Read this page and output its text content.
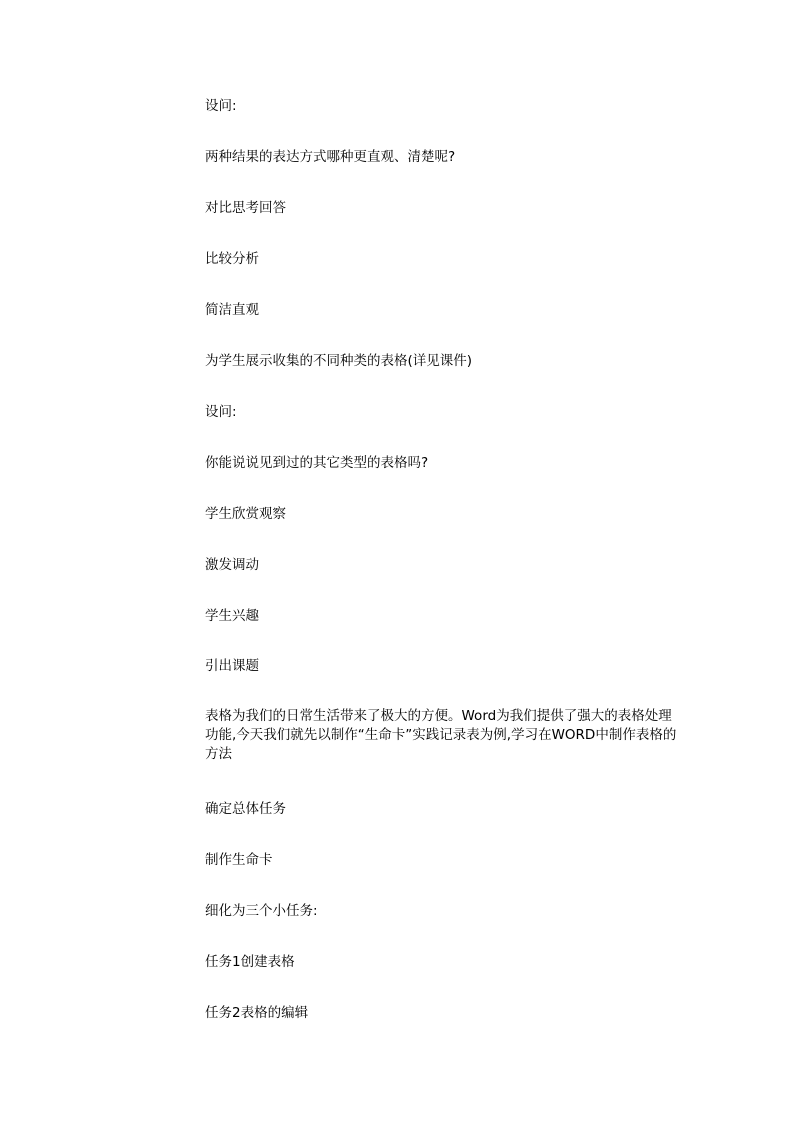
设问:

两种结果的表达方式哪种更直观、清楚呢?

对比思考回答

比较分析

简洁直观

为学生展示收集的不同种类的表格(详见课件)

设问:

你能说说见到过的其它类型的表格吗?

学生欣赏观察

激发调动

学生兴趣

引出课题

表格为我们的日常生活带来了极大的方便。Word为我们提供了强大的表格处理功能,今天我们就先以制作“生命卡”实践记录表为例,学习在WORD中制作表格的方法

确定总体任务

制作生命卡

细化为三个小任务:

任务1创建表格

任务2表格的编辑
